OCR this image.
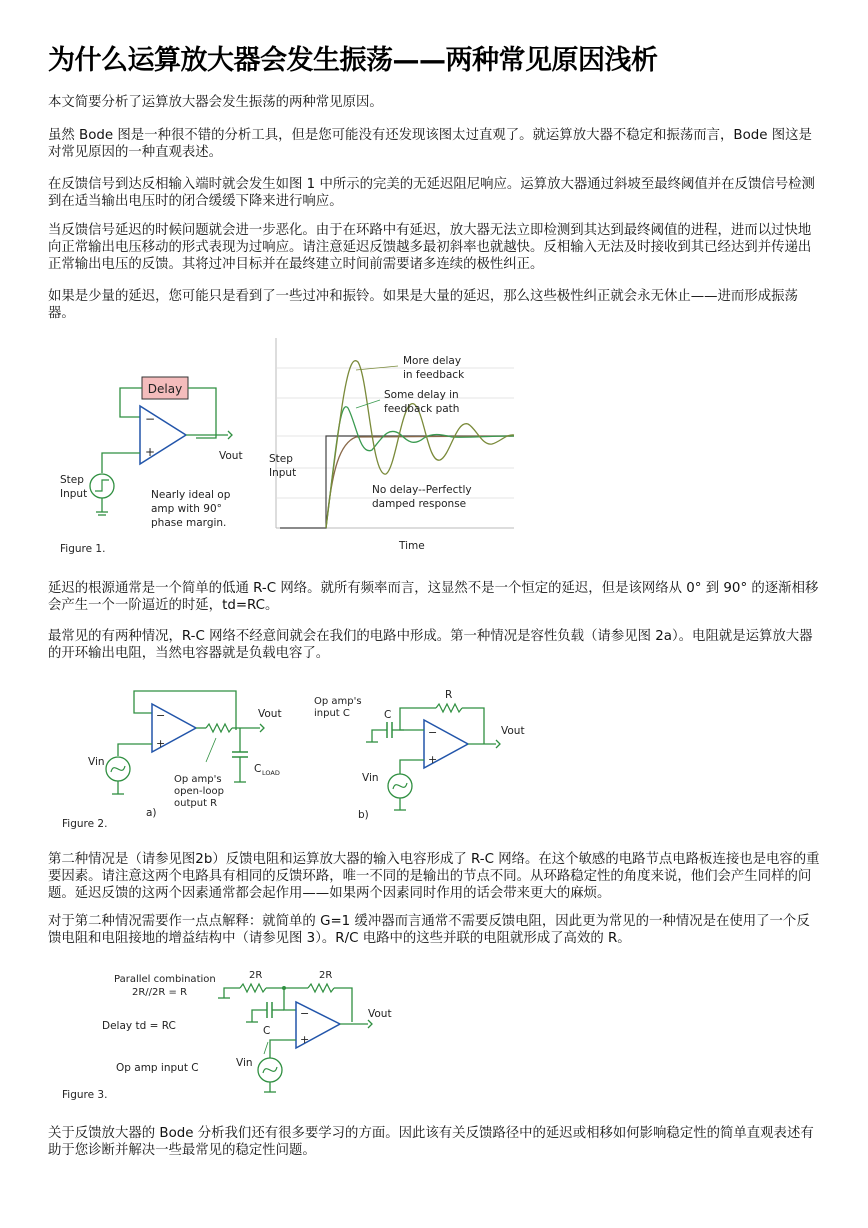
为什么运算放大器会发生振荡——两种常见原因浅析

本文简要分析了运算放大器会发生振荡的两种常见原因。

虽然 Bode 图是一种很不错的分析工具，但是您可能没有还发现该图太过直观了。就运算放大器不稳定和振荡而言，Bode 图这是对常见原因的一种直观表述。

在反馈信号到达反相输入端时就会发生如图 1 中所示的完美的无延迟阻尼响应。运算放大器通过斜坡至最终阈值并在反馈信号检测到在适当输出电压时的闭合缓缓下降来进行响应。

当反馈信号延迟的时候问题就会进一步恶化。由于在环路中有延迟，放大器无法立即检测到其达到最终阈值的进程，进而以过快地向正常输出电压移动的形式表现为过响应。请注意延迟反馈越多最初斜率也就越快。反相输入无法及时接收到其已经达到并传递出正常输出电压的反馈。其将过冲目标并在最终建立时间前需要诸多连续的极性纠正。

如果是少量的延迟，您可能只是看到了一些过冲和振铃。如果是大量的延迟，那么这些极性纠正就会永无休止——进而形成振荡器。

延迟的根源通常是一个简单的低通 R-C 网络。就所有频率而言，这显然不是一个恒定的延迟，但是该网络从 0° 到 90° 的逐渐相移会产生一个一阶逼近的时延，td=RC。

最常见的有两种情况，R-C 网络不经意间就会在我们的电路中形成。第一种情况是容性负载（请参见图 2a）。电阻就是运算放大器的开环输出电阻，当然电容器就是负载电容了。

第二种情况是（请参见图2b）反馈电阻和运算放大器的输入电容形成了 R-C 网络。在这个敏感的电路节点电路板连接也是电容的重要因素。请注意这两个电路具有相同的反馈环路，唯一不同的是输出的节点不同。从环路稳定性的角度来说，他们会产生同样的问题。延迟反馈的这两个因素通常都会起作用——如果两个因素同时作用的话会带来更大的麻烦。

对于第二种情况需要作一点点解释：就简单的 G=1 缓冲器而言通常不需要反馈电阻，因此更为常见的一种情况是在使用了一个反馈电阻和电阻接地的增益结构中（请参见图 3）。R/C 电路中的这些并联的电阻就形成了高效的 R。

关于反馈放大器的 Bode 分析我们还有很多要学习的方面。因此该有关反馈路径中的延迟或相移如何影响稳定性的简单直观表述有助于您诊断并解决一些最常见的稳定性问题。

Delay
−
+	Vout
Step
Input	Nearly ideal op
amp with 90°
phase margin.
Figure 1.
More delay
in feedback
Some delay in
feedback path
Step
Input
No delay--Perfectly
damped response
Time
−
+
Vout
C LOAD
Vin
Op amp's
open-loop
output R
a)
Figure 2.
Op amp's
input C
R
−
+
Vout
C
Vin
b)
Parallel combination
2R//2R = R
2R	2R
−
+
Vout
Delay td = RC	C
Op amp input C	Vin
Figure 3.
